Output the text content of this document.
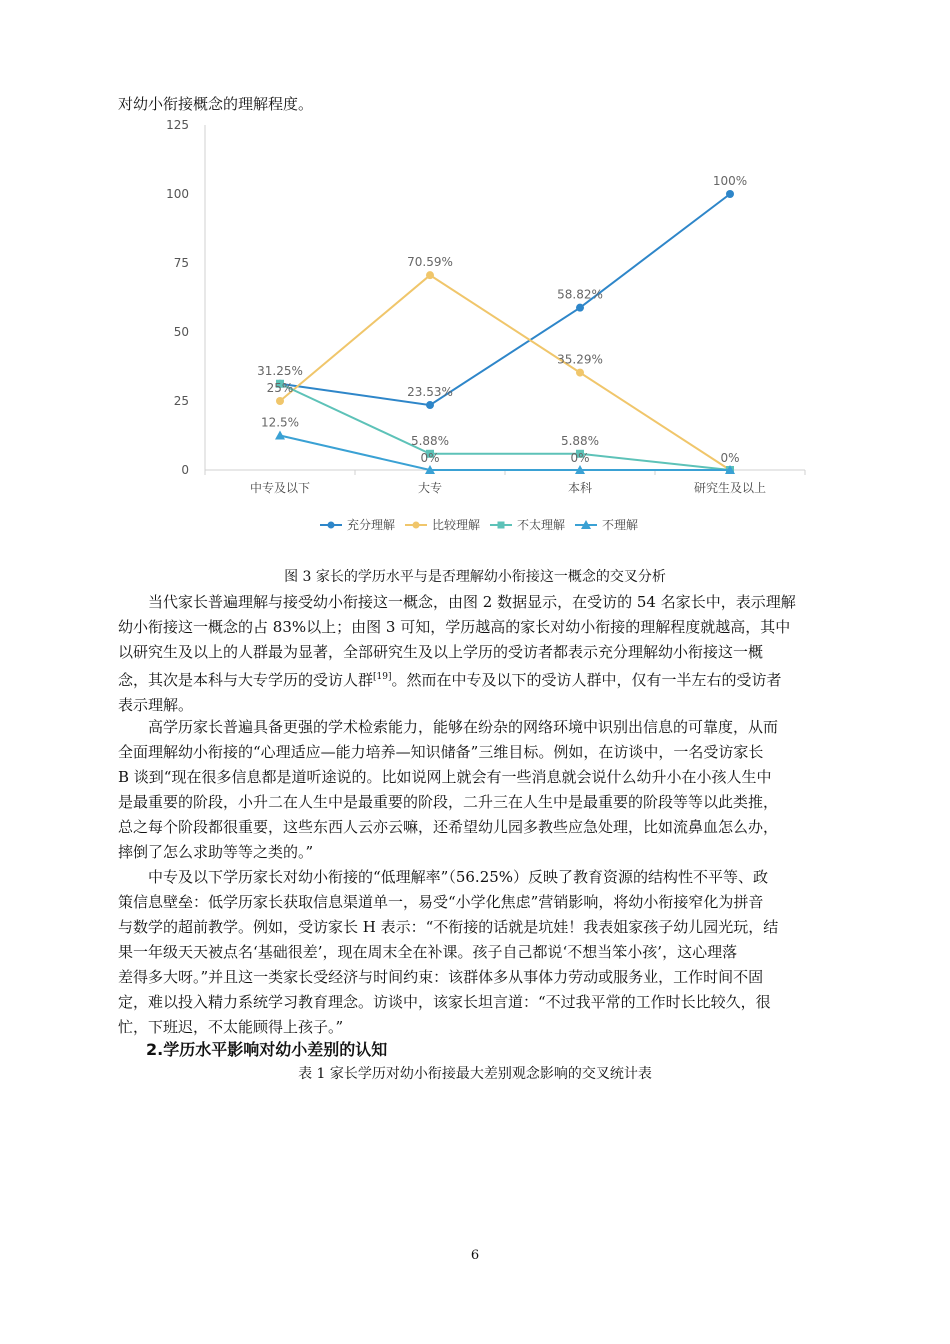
对幼小衔接概念的理解程度。
0
25
50
75
100
125
中专及以下	大专	本科	研究生及以上
31.25%
23.53%
58.82%
100%
25%
70.59%
35.29%
0%
5.88%	5.88%
12.5%
0%	0%
充分理解	比较理解	不太理解	不理解
图 3 家长的学历水平与是否理解幼小衔接这一概念的交叉分析

当代家长普遍理解与接受幼小衔接这一概念，由图 2 数据显示，在受访的 54 名家长中，表示理解
幼小衔接这一概念的占 83%以上；由图 3 可知，学历越高的家长对幼小衔接的理解程度就越高，其中
以研究生及以上的人群最为显著，全部研究生及以上学历的受访者都表示充分理解幼小衔接这一概
念，其次是本科与大专学历的受访人群[19]。然而在中专及以下的受访人群中，仅有一半左右的受访者
表示理解。

高学历家长普遍具备更强的学术检索能力，能够在纷杂的网络环境中识别出信息的可靠度，从而
全面理解幼小衔接的“心理适应—能力培养—知识储备”三维目标。例如，在访谈中，一名受访家长
B 谈到“现在很多信息都是道听途说的。比如说网上就会有一些消息就会说什么幼升小在小孩人生中
是最重要的阶段，小升二在人生中是最重要的阶段，二升三在人生中是最重要的阶段等等以此类推，
总之每个阶段都很重要，这些东西人云亦云嘛，还希望幼儿园多教些应急处理，比如流鼻血怎么办，
摔倒了怎么求助等等之类的。”

中专及以下学历家长对幼小衔接的“低理解率”（56.25%）反映了教育资源的结构性不平等、政
策信息壁垒：低学历家长获取信息渠道单一，易受“小学化焦虑”营销影响，将幼小衔接窄化为拼音
与数学的超前教学。例如，受访家长 H 表示：“不衔接的话就是坑娃！我表姐家孩子幼儿园光玩，结
果一年级天天被点名‘基础很差’，现在周末全在补课。孩子自己都说‘不想当笨小孩’，这心理落
差得多大呀。”并且这一类家长受经济与时间约束：该群体多从事体力劳动或服务业，工作时间不固
定，难以投入精力系统学习教育理念。访谈中，该家长坦言道：“不过我平常的工作时长比较久，很
忙，下班迟，不太能顾得上孩子。”

2.学历水平影响对幼小差别的认知
表 1 家长学历对幼小衔接最大差别观念影响的交叉统计表
6
